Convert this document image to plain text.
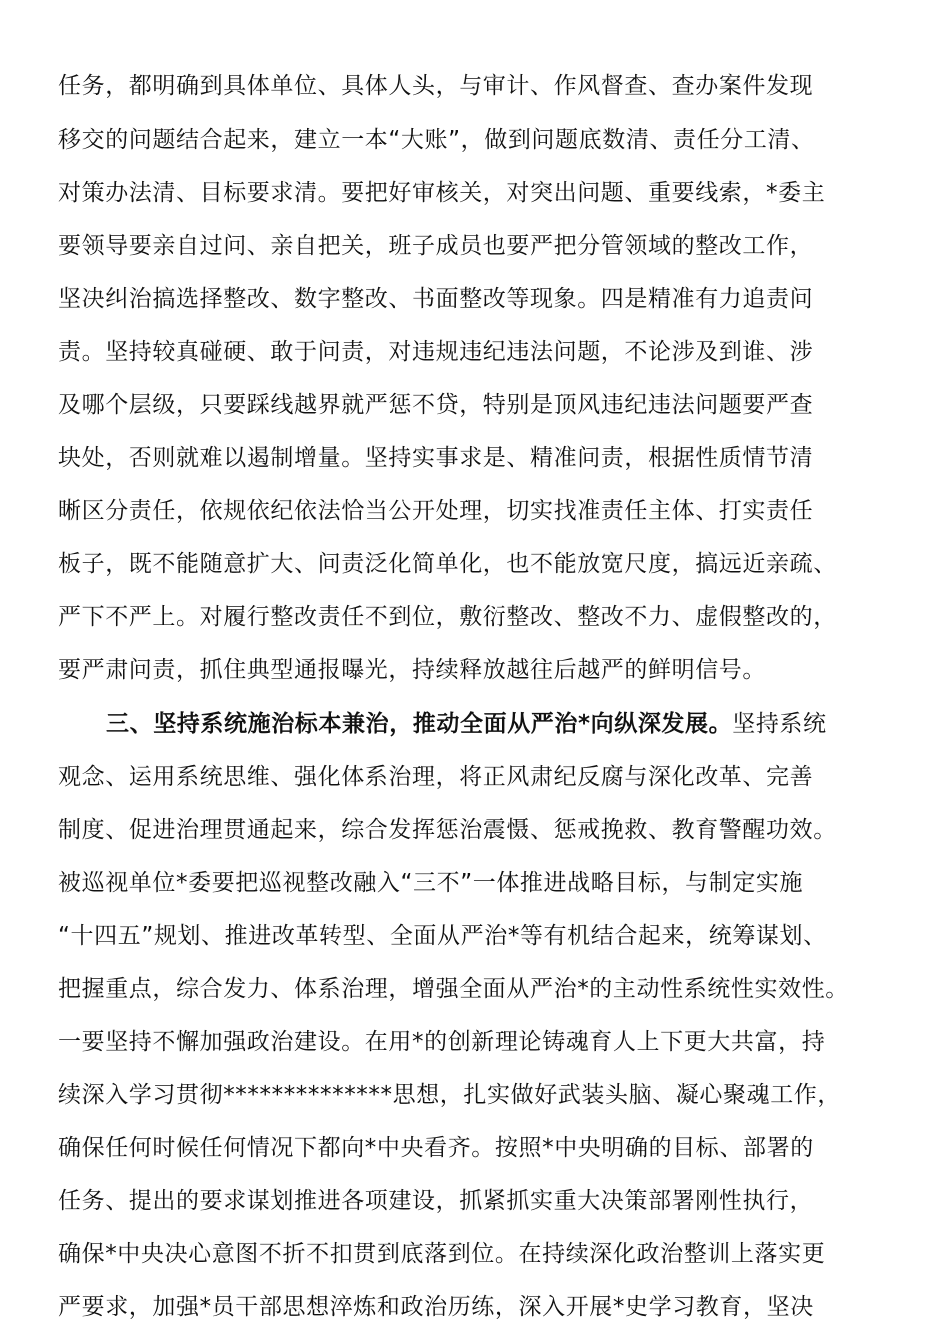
任务，都明确到具体单位、具体人头，与审计、作风督查、查办案件发现
移交的问题结合起来，建立一本“大账”，做到问题底数清、责任分工清、
对策办法清、目标要求清。要把好审核关，对突出问题、重要线索，*委主
要领导要亲自过问、亲自把关，班子成员也要严把分管领域的整改工作，
坚决纠治搞选择整改、数字整改、书面整改等现象。四是精准有力追责问
责。坚持较真碰硬、敢于问责，对违规违纪违法问题，不论涉及到谁、涉
及哪个层级，只要踩线越界就严惩不贷，特别是顶风违纪违法问题要严查
块处，否则就难以遏制增量。坚持实事求是、精准问责，根据性质情节清
晰区分责任，依规依纪依法恰当公开处理，切实找准责任主体、打实责任
板子，既不能随意扩大、问责泛化简单化，也不能放宽尺度，搞远近亲疏、
严下不严上。对履行整改责任不到位，敷衍整改、整改不力、虚假整改的，
要严肃问责，抓住典型通报曝光，持续释放越往后越严的鲜明信号。
三、坚持系统施治标本兼治，推动全面从严治*向纵深发展。坚持系统
观念、运用系统思维、强化体系治理，将正风肃纪反腐与深化改革、完善
制度、促进治理贯通起来，综合发挥惩治震慑、惩戒挽救、教育警醒功效。
被巡视单位*委要把巡视整改融入“三不”一体推进战略目标，与制定实施
“十四五”规划、推进改革转型、全面从严治*等有机结合起来，统筹谋划、
把握重点，综合发力、体系治理，增强全面从严治*的主动性系统性实效性。
一要坚持不懈加强政治建设。在用*的创新理论铸魂育人上下更大共富，持
续深入学习贯彻**************思想，扎实做好武装头脑、凝心聚魂工作，
确保任何时候任何情况下都向*中央看齐。按照*中央明确的目标、部署的
任务、提出的要求谋划推进各项建设，抓紧抓实重大决策部署刚性执行，
确保*中央决心意图不折不扣贯到底落到位。在持续深化政治整训上落实更
严要求，加强*员干部思想淬炼和政治历练，深入开展*史学习教育，坚决
